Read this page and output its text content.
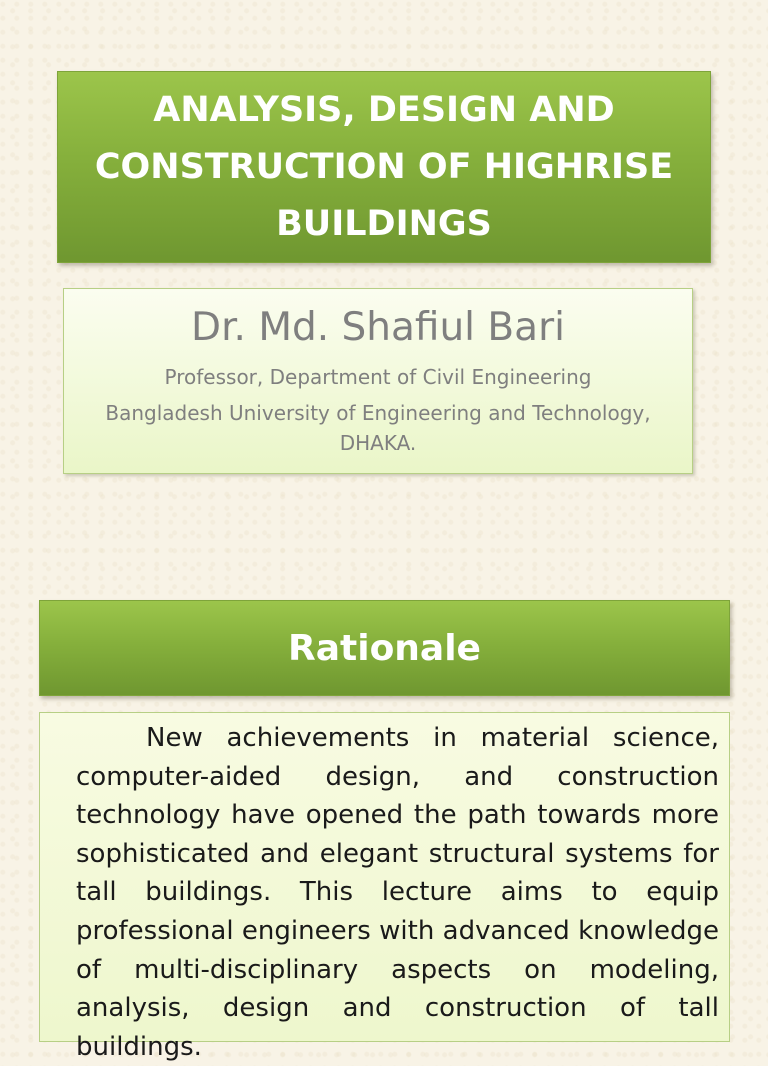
ANALYSIS, DESIGN AND
CONSTRUCTION OF HIGHRISE
BUILDINGS
Dr. Md. Shafiul Bari
Professor, Department of Civil Engineering
Bangladesh University of Engineering and Technology, DHAKA.
Rationale

New achievements in material science, computer-aided design, and construction technology have opened the path towards more sophisticated and elegant structural systems for tall buildings. This lecture aims to equip professional engineers with advanced knowledge of multi-disciplinary aspects on modeling, analysis, design and construction of tall buildings.
